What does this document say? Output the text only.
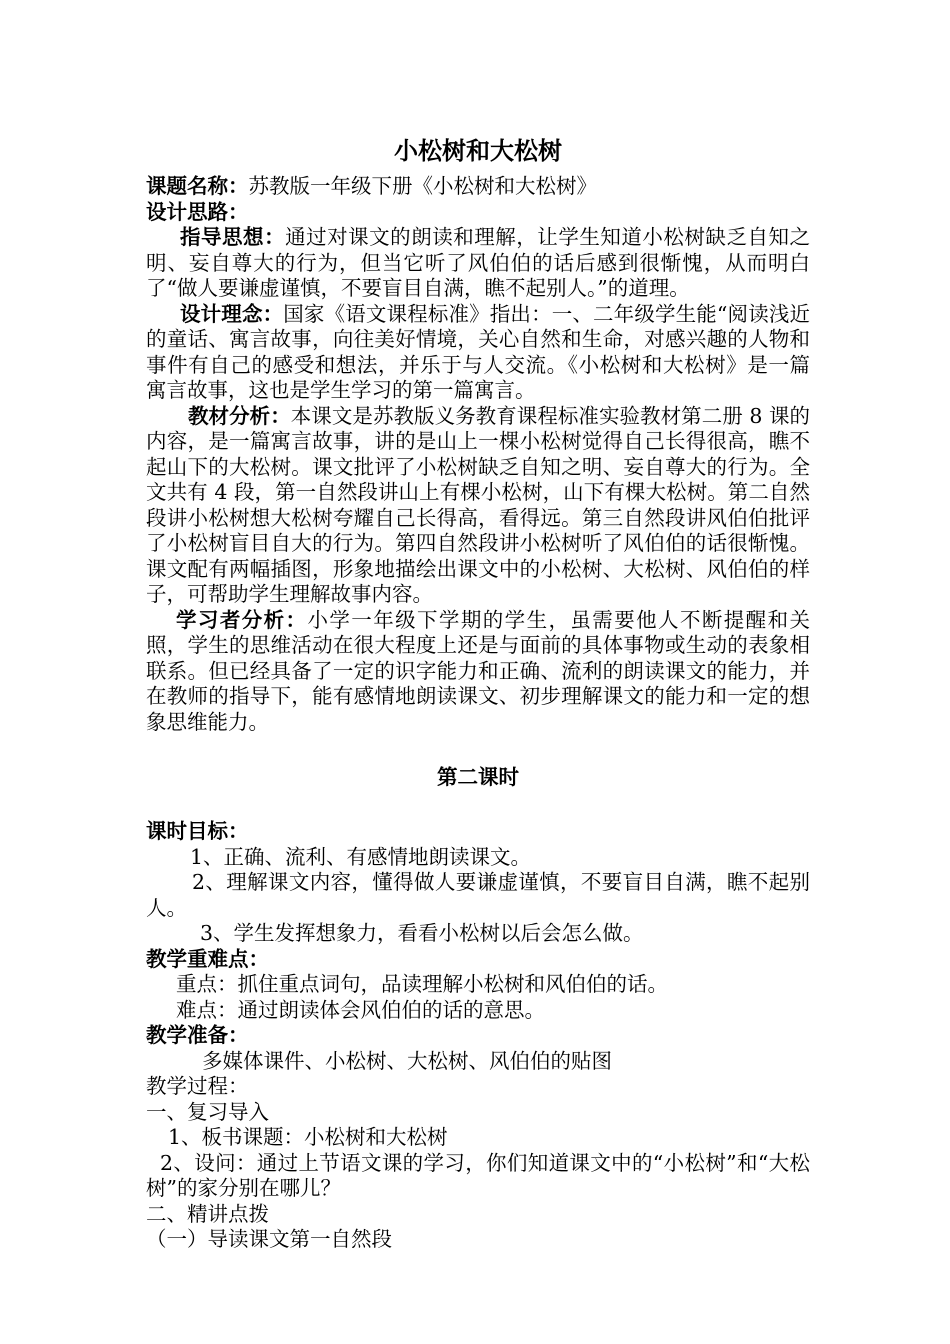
小松树和大松树

课题名称：苏教版一年级下册《小松树和大松树》

设计思路：

指导思想：通过对课文的朗读和理解，让学生知道小松树缺乏自知之明、妄自尊大的行为，但当它听了风伯伯的话后感到很惭愧，从而明白了“做人要谦虚谨慎，不要盲目自满，瞧不起别人。”的道理。

设计理念：国家《语文课程标准》指出：一、二年级学生能“阅读浅近的童话、寓言故事，向往美好情境，关心自然和生命，对感兴趣的人物和事件有自己的感受和想法，并乐于与人交流。《小松树和大松树》是一篇寓言故事，这也是学生学习的第一篇寓言。

教材分析：本课文是苏教版义务教育课程标准实验教材第二册 8 课的内容，是一篇寓言故事，讲的是山上一棵小松树觉得自己长得很高，瞧不起山下的大松树。课文批评了小松树缺乏自知之明、妄自尊大的行为。全文共有 4 段，第一自然段讲山上有棵小松树，山下有棵大松树。第二自然段讲小松树想大松树夸耀自己长得高，看得远。第三自然段讲风伯伯批评了小松树盲目自大的行为。第四自然段讲小松树听了风伯伯的话很惭愧。课文配有两幅插图，形象地描绘出课文中的小松树、大松树、风伯伯的样子，可帮助学生理解故事内容。

学习者分析：小学一年级下学期的学生，虽需要他人不断提醒和关照，学生的思维活动在很大程度上还是与面前的具体事物或生动的表象相联系。但已经具备了一定的识字能力和正确、流利的朗读课文的能力，并在教师的指导下，能有感情地朗读课文、初步理解课文的能力和一定的想象思维能力。

第二课时

课时目标：

1、正确、流利、有感情地朗读课文。

2、理解课文内容，懂得做人要谦虚谨慎，不要盲目自满，瞧不起别人。

3、学生发挥想象力，看看小松树以后会怎么做。

教学重难点：

重点：抓住重点词句，品读理解小松树和风伯伯的话。

难点：通过朗读体会风伯伯的话的意思。

教学准备：

多媒体课件、小松树、大松树、风伯伯的贴图

教学过程：

一、复习导入

1、板书课题：小松树和大松树

2、设问：通过上节语文课的学习，你们知道课文中的“小松树”和“大松树”的家分别在哪儿？

二、精讲点拨

（一）导读课文第一自然段
